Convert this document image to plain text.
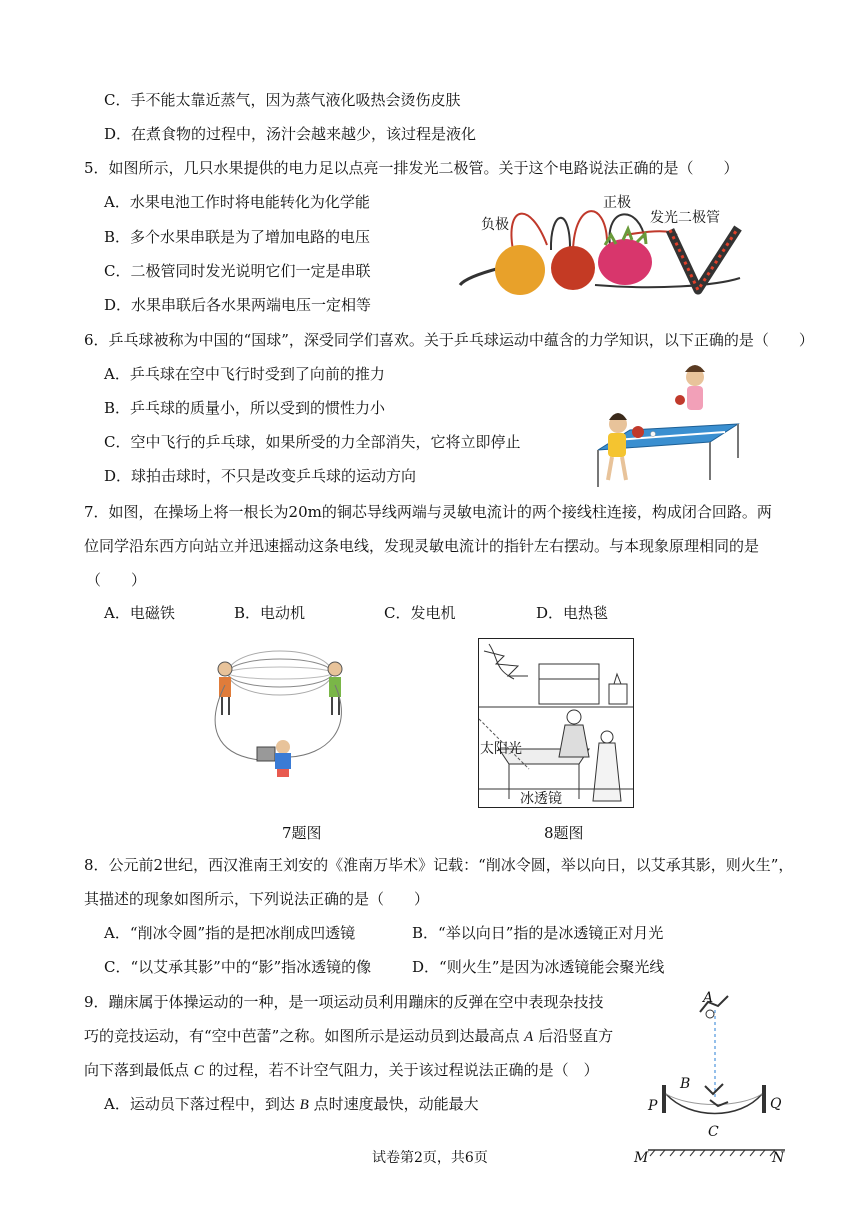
C．手不能太靠近蒸气，因为蒸气液化吸热会烫伤皮肤
D．在煮食物的过程中，汤汁会越来越少，该过程是液化
5．如图所示，几只水果提供的电力足以点亮一排发光二极管。关于这个电路说法正确的是（　　）
A．水果电池工作时将电能转化为化学能
B．多个水果串联是为了增加电路的电压
C．二极管同时发光说明它们一定是串联
D．水果串联后各水果两端电压一定相等
负极
正极
发光二极管
6．乒乓球被称为中国的“国球”，深受同学们喜欢。关于乒乓球运动中蕴含的力学知识，以下正确的是（　　）
A．乒乓球在空中飞行时受到了向前的推力
B．乒乓球的质量小，所以受到的惯性力小
C．空中飞行的乒乓球，如果所受的力全部消失，它将立即停止
D．球拍击球时，不只是改变乒乓球的运动方向
7．如图，在操场上将一根长为20m的铜芯导线两端与灵敏电流计的两个接线柱连接，构成闭合回路。两
位同学沿东西方向站立并迅速摇动这条电线，发现灵敏电流计的指针左右摆动。与本现象原理相同的是
（　　）
A．电磁铁	B．电动机	C．发电机	D．电热毯
太阳光
冰透镜
7题图	8题图
8．公元前2世纪，西汉淮南王刘安的《淮南万毕术》记载：“削冰令圆，举以向日，以艾承其影，则火生”，
其描述的现象如图所示，下列说法正确的是（　　）
A．“削冰令圆”指的是把冰削成凹透镜	B．“举以向日”指的是冰透镜正对月光
C．“以艾承其影”中的“影”指冰透镜的像	D．“则火生”是因为冰透镜能会聚光线
9．蹦床属于体操运动的一种，是一项运动员利用蹦床的反弹在空中表现杂技技
巧的竞技运动，有“空中芭蕾”之称。如图所示是运动员到达最高点 A 后沿竖直方
向下落到最低点 C 的过程，若不计空气阻力，关于该过程说法正确的是（　）
A．运动员下落过程中，到达 B 点时速度最快，动能最大
A
B
C
P	Q
M	N
试卷第2页，共6页
